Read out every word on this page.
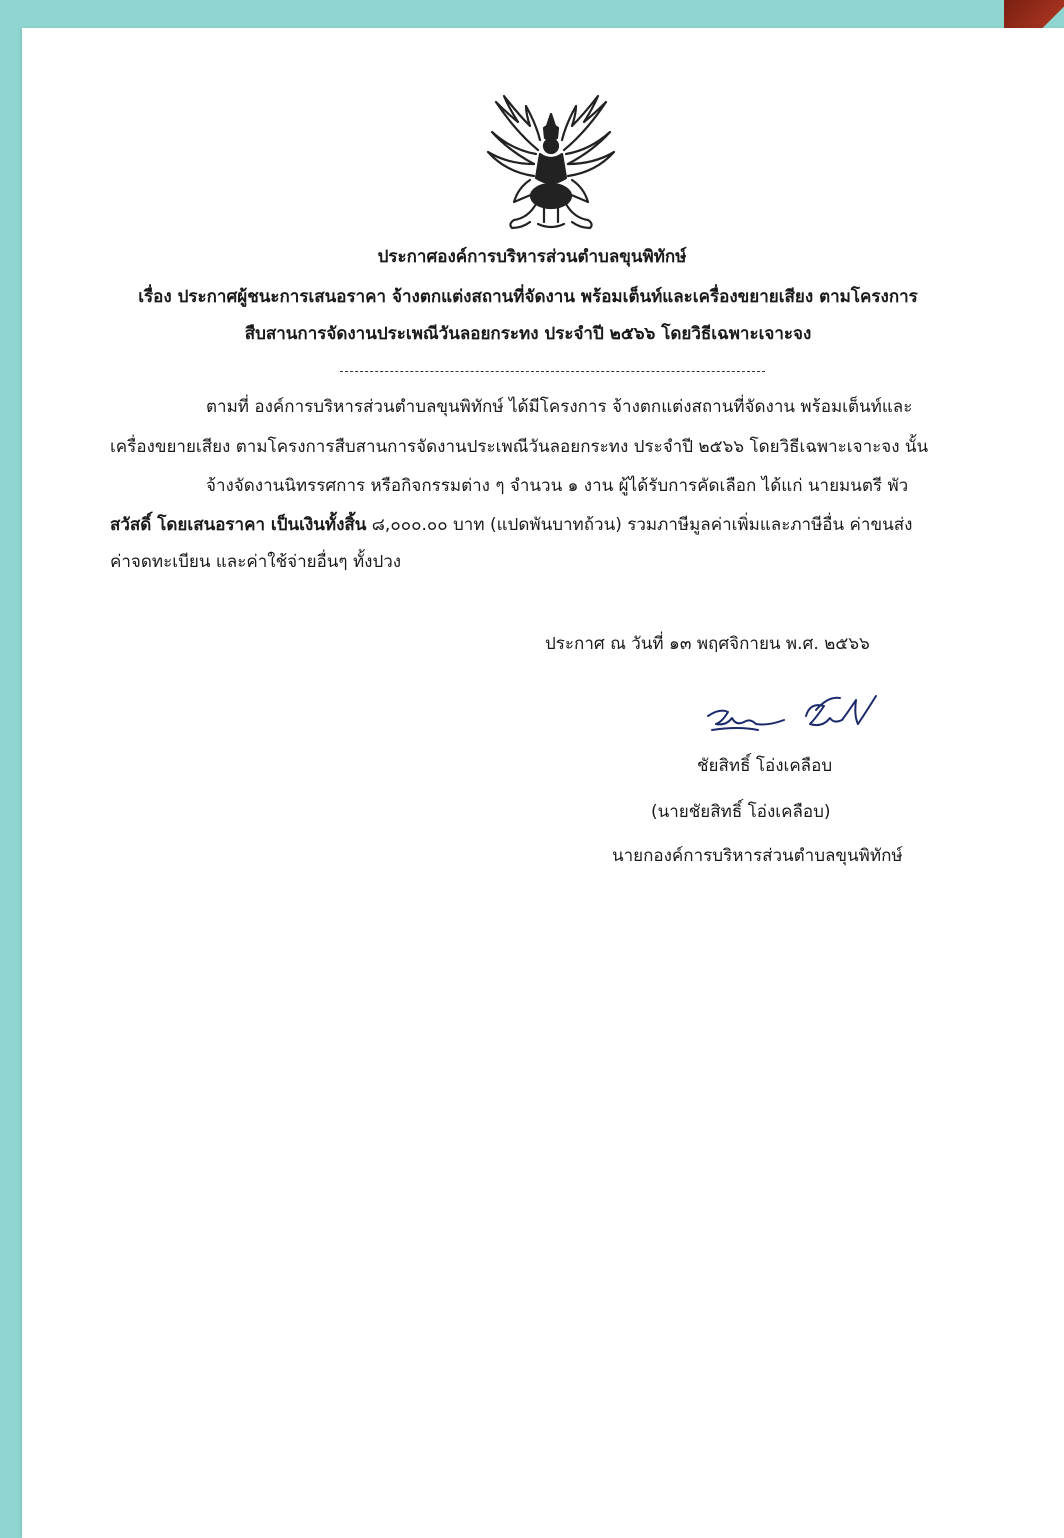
ประกาศองค์การบริหารส่วนตำบลขุนพิทักษ์
เรื่อง ประกาศผู้ชนะการเสนอราคา จ้างตกแต่งสถานที่จัดงาน พร้อมเต็นท์และเครื่องขยายเสียง ตามโครงการ
สืบสานการจัดงานประเพณีวันลอยกระทง ประจำปี ๒๕๖๖ โดยวิธีเฉพาะเจาะจง
ตามที่ องค์การบริหารส่วนตำบลขุนพิทักษ์ ได้มีโครงการ จ้างตกแต่งสถานที่จัดงาน พร้อมเต็นท์และ
เครื่องขยายเสียง ตามโครงการสืบสานการจัดงานประเพณีวันลอยกระทง ประจำปี ๒๕๖๖ โดยวิธีเฉพาะเจาะจง นั้น
จ้างจัดงานนิทรรศการ หรือกิจกรรมต่าง ๆ จำนวน ๑ งาน ผู้ได้รับการคัดเลือก ได้แก่ นายมนตรี พัว
สวัสดิ์ โดยเสนอราคา เป็นเงินทั้งสิ้น ๘,๐๐๐.๐๐ บาท (แปดพันบาทถ้วน) รวมภาษีมูลค่าเพิ่มและภาษีอื่น ค่าขนส่ง
ค่าจดทะเบียน และค่าใช้จ่ายอื่นๆ ทั้งปวง
ประกาศ ณ วันที่ ๑๓ พฤศจิกายน พ.ศ. ๒๕๖๖
ชัยสิทธิ์ โอ่งเคลือบ
(นายชัยสิทธิ์ โอ่งเคลือบ)
นายกองค์การบริหารส่วนตำบลขุนพิทักษ์
